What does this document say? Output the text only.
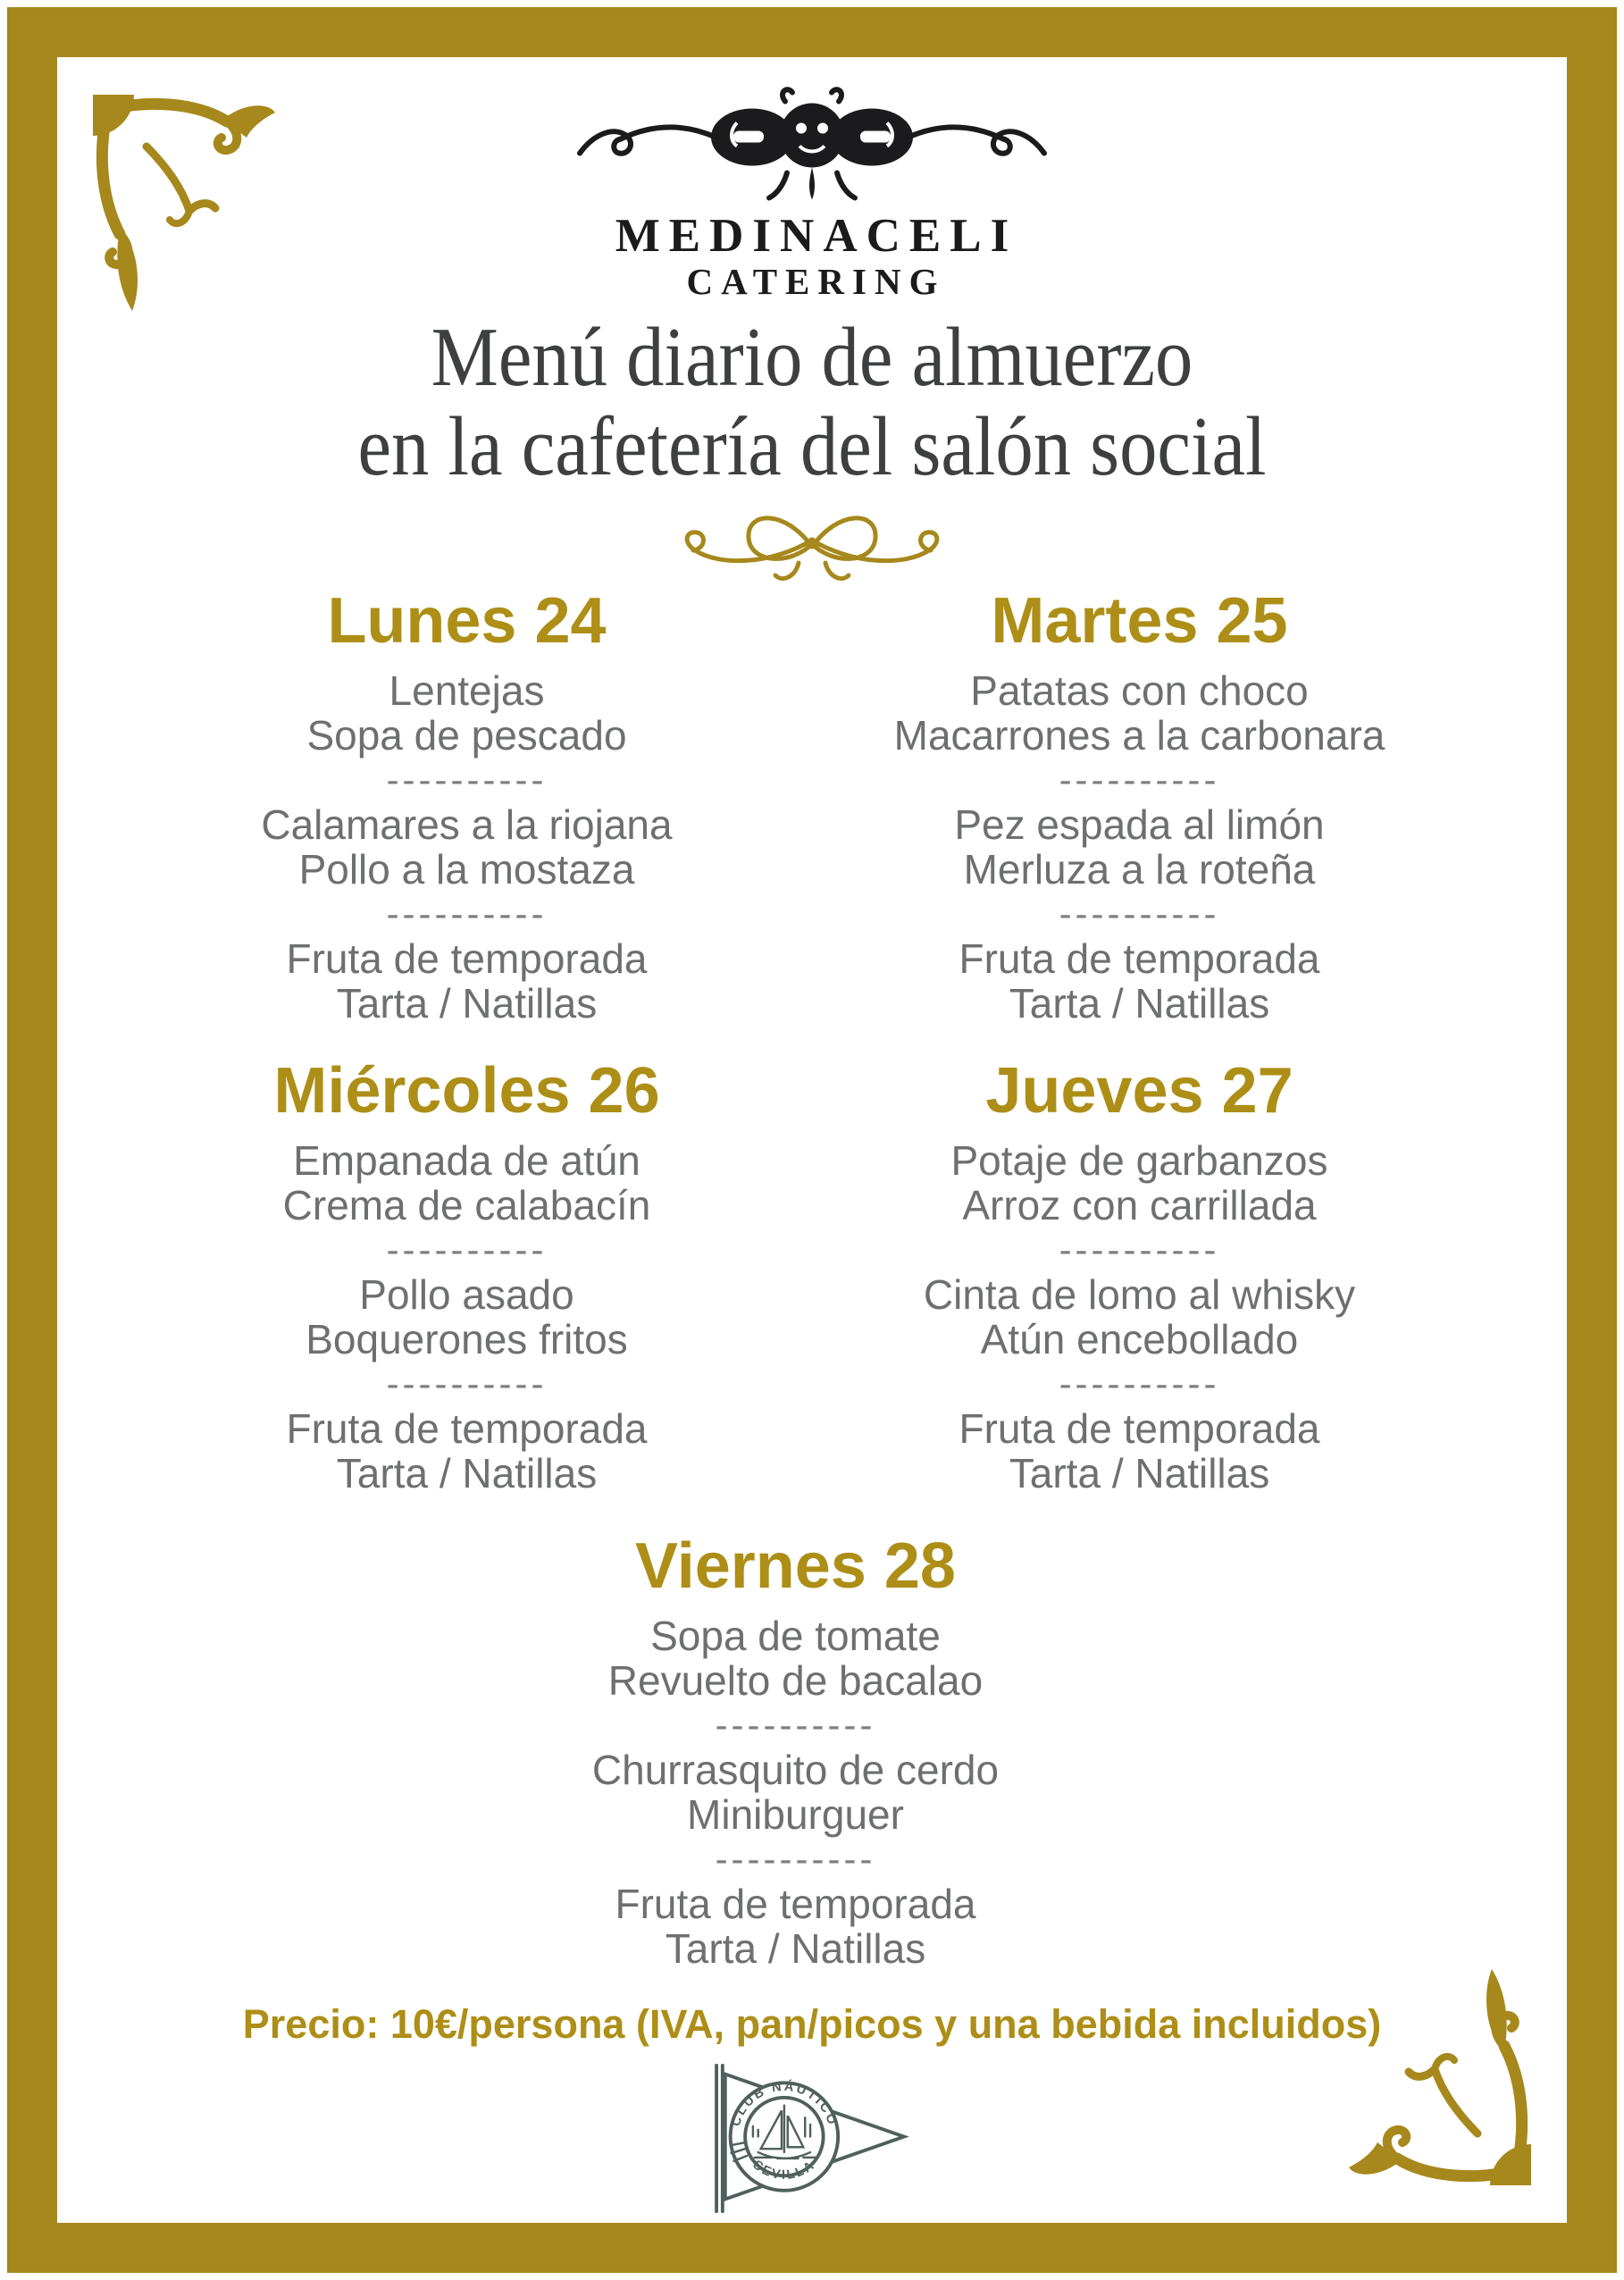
MEDINACELI
CATERING
Menú diario de almuerzo
en la cafetería del salón social
Lunes 24

Lentejas

Sopa de pescado

----------

Calamares a la riojana

Pollo a la mostaza

----------

Fruta de temporada

Tarta / Natillas

Martes 25

Patatas con choco

Macarrones a la carbonara

----------

Pez espada al limón

Merluza a la roteña

----------

Fruta de temporada

Tarta / Natillas

Miércoles 26

Empanada de atún

Crema de calabacín

----------

Pollo asado

Boquerones fritos

----------

Fruta de temporada

Tarta / Natillas

Jueves 27

Potaje de garbanzos

Arroz con carrillada

----------

Cinta de lomo al whisky

Atún encebollado

----------

Fruta de temporada

Tarta / Natillas

Viernes 28

Sopa de tomate

Revuelto de bacalao

----------

Churrasquito de cerdo

Miniburguer

----------

Fruta de temporada

Tarta / Natillas

Precio: 10€/persona (IVA, pan/picos y una bebida incluidos)

CLUB NÁUTICO
SEVILLA
